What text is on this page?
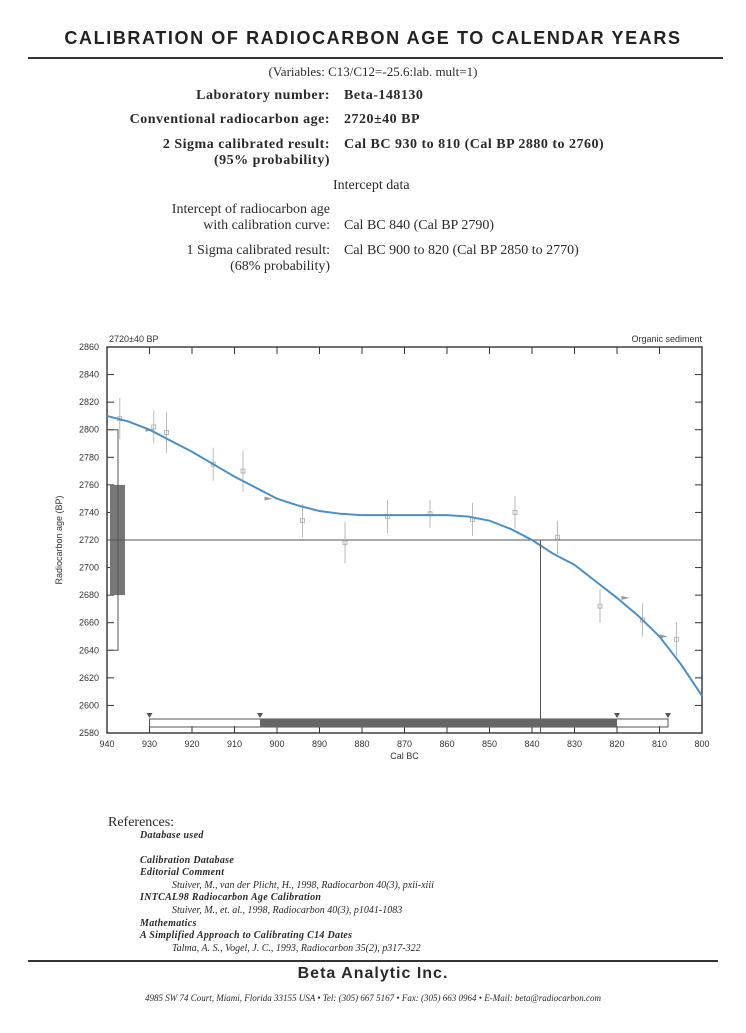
CALIBRATION OF RADIOCARBON AGE TO CALENDAR YEARS
(Variables: C13/C12=-25.6:lab. mult=1)
Laboratory number: Beta-148130
Conventional radiocarbon age: 2720±40 BP
2 Sigma calibrated result:
(95% probability)
Cal BC 930 to 810 (Cal BP 2880 to 2760)
Intercept data
Intercept of radiocarbon age
with calibration curve: Cal BC 840 (Cal BP 2790)
1 Sigma calibrated result:
(68% probability)
Cal BC 900 to 820 (Cal BP 2850 to 2770)
940	930	920	910	900	890	880	870	860	850	840	830	820	810	800
2580
2600
2620
2640
2660
2680
2700
2720
2740
2760
2780
2800
2820
2840
2860
Cal BC
Radiocarbon age (BP)
2720±40 BP	Organic sediment
References:
Database used
Calibration Database
Editorial Comment
Stuiver, M., van der Plicht, H., 1998, Radiocarbon 40(3), pxii-xiii
INTCAL98 Radiocarbon Age Calibration
Stuiver, M., et. al., 1998, Radiocarbon 40(3), p1041-1083
Mathematics
A Simplified Approach to Calibrating C14 Dates
Talma, A. S., Vogel, J. C., 1993, Radiocarbon 35(2), p317-322
Beta Analytic Inc.
4985 SW 74 Court, Miami, Florida 33155 USA • Tel: (305) 667 5167 • Fax: (305) 663 0964 • E-Mail: beta@radiocarbon.com
